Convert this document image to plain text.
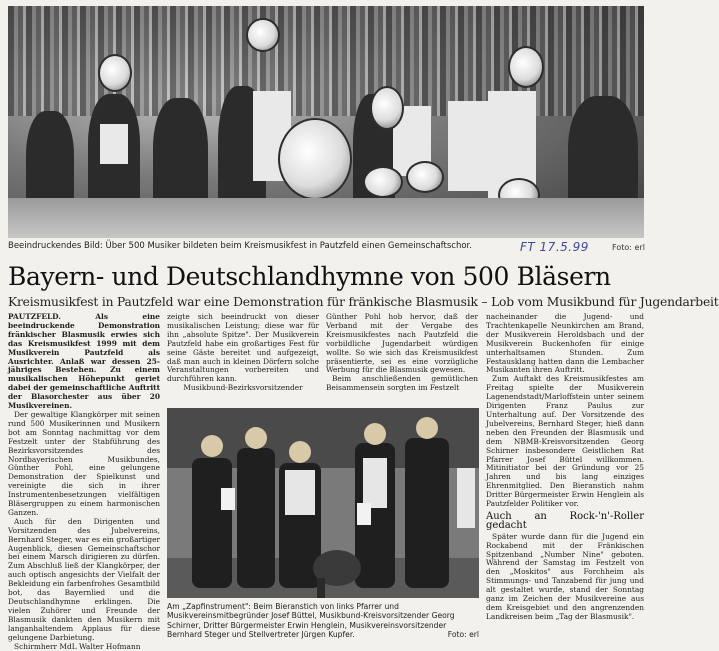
Beeindruckendes Bild: Über 500 Musiker bildeten beim Kreismusikfest in Pautzfeld einen Gemeinschaftschor.	FT 17.5.99	Foto: erl
Bayern- und Deutschlandhymne von 500 Bläsern
Kreismusikfest in Pautzfeld war eine Demonstration für fränkische Blasmusik – Lob vom Musikbund für Jugendarbeit

PAUTZFELD. Als eine beeindruckende Demonstration fränkischer Blasmusik erwies sich das Kreismusikfest 1999 mit dem Musikverein Pautzfeld als Ausrichter. Anlaß war dessen 25-jähriges Bestehen. Zu einem musikalischen Höhepunkt geriet dabei der gemeinschaftliche Auftritt der Blasorchester aus über 20 Musikvereinen.

Der gewaltige Klangkörper mit seinen rund 500 Musikerinnen und Musikern bot am Sonntag nachmittag vor dem Festzelt unter der Stabführung des Bezirksvorsitzendes des Nordbayerischen Musikbundes, Günther Pohl, eine gelungene Demonstration der Spielkunst und vereinigte die sich in ihrer Instrumentenbesetzungen vielfältigen Bläsergruppen zu einem harmonischen Ganzen.

Auch für den Dirigenten und Vorsitzenden des Jubelvereins, Bernhard Steger, war es ein großartiger Augenblick, diesen Gemeinschaftschor bei einem Marsch dirigieren zu dürfen. Zum Abschluß ließ der Klangkörper, der auch optisch angesichts der Vielfalt der Bekleidung ein farbenfrohes Gesamtbild bot, das Bayernlied und die Deutschlandhymne erklingen. Die vielen Zuhörer und Freunde der Blasmusik dankten den Musikern mit langanhaltendem Applaus für diese gelungene Darbietung.

Schirmherr MdL Walter Hofmann

zeigte sich beeindruckt von dieser musikalischen Leistung; diese war für ihn „absolute Spitze". Der Musikverein Pautzfeld habe ein großartiges Fest für seine Gäste bereitet und aufgezeigt, daß man auch in kleinen Dörfern solche Veranstaltungen vorbereiten und durchführen kann.

Musikbund-Bezirksvorsitzender

Günther Pohl hob hervor, daß der Verband mit der Vergabe des Kreismusikfestes nach Pautzfeld die vorbildliche Jugendarbeit würdigen wollte. So wie sich das Kreismusikfest präsentierte, sei es eine vorzügliche Werbung für die Blasmusik gewesen.

Beim anschließenden gemütlichen Beisammensein sorgten im Festzelt

nacheinander die Jugend- und Trachtenkapelle Neunkirchen am Brand, der Musikverein Heroldsbach und der Musikverein Buckenhofen für einige unterhaltsamen Stunden. Zum Festausklang hatten dann die Lembacher Musikanten ihren Auftritt.

Zum Auftakt des Kreismusikfestes am Freitag spielte der Musikverein Lagenendstadt/Marloffstein unter seinem Dirigenten Franz Paulus zur Unterhaltung auf. Der Vorsitzende des Jubelvereins, Bernhard Steger, hieß dann neben den Freunden der Blasmusik und dem NBMB-Kreisvorsitzenden Georg Schirner insbesondere Geistlichen Rat Pfarrer Josef Büttel willkommen. Mitinitiator bei der Gründung vor 25 Jahren und bis lang einziges Ehrenmitglied. Den Bieranstich nahm Dritter Bürgermeister Erwin Henglein als Pautzfelder Politiker vor.

Auch an Rock-'n'-Roller gedacht

Später wurde dann für die Jugend ein Rockabend mit der Fränkischen Spitzenband „Number Nine" geboten. Während der Samstag im Festzelt von den „Moskitos" aus Forchheim als Stimmungs- und Tanzabend für jung und alt gestaltet wurde, stand der Sonntag ganz im Zeichen der Musikvereine aus dem Kreisgebiet und den angrenzenden Landkreisen beim „Tag der Blasmusik".

Am „Zapfinstrument": Beim Bieranstich von links Pfarrer und Musikvereinsmitbegründer Josef Büttel, Musikbund-Kreisvorsitzender Georg Schirner, Dritter Bürgermeister Erwin Henglein, Musikvereinsvorsitzender Bernhard Steger und Stellvertreter Jürgen Kupfer.	Foto: erl
